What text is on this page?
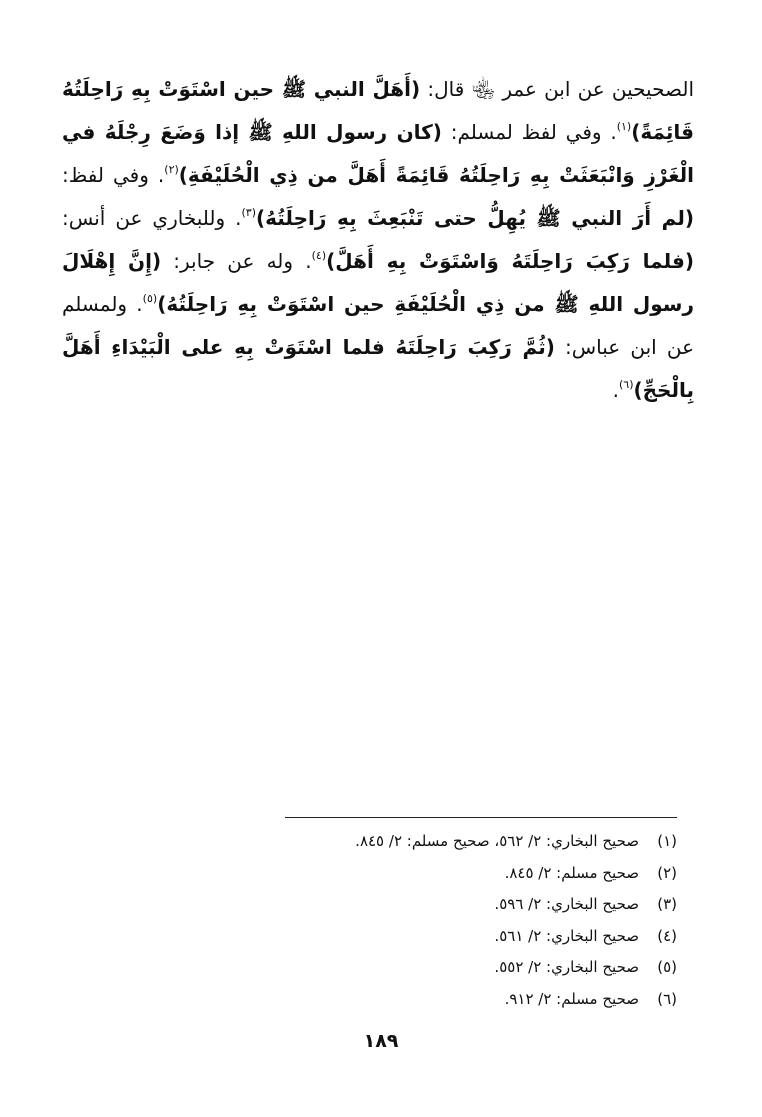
الصحيحين عن ابن عمر ﵄ قال: (أَهَلَّ النبي ﷺ حين اسْتَوَتْ بِهِ رَاحِلَتُهُ قَائِمَةً)$^{(١)}$. وفي لفظ لمسلم: (كان رسول اللهِ ﷺ إذا وَضَعَ رِجْلَهُ في الْغَرْزِ وَانْبَعَثَتْ بِهِ رَاحِلَتُهُ قَائِمَةً أَهَلَّ من ذِي الْحُلَيْفَةِ)$^{(٢)}$. وفي لفظ: (لم أَرَ النبي ﷺ يُهِلُّ حتى تَنْبَعِثَ بِهِ رَاحِلَتُهُ)$^{(٣)}$. وللبخاري عن أنس: (فلما رَكِبَ رَاحِلَتَهُ وَاسْتَوَتْ بِهِ أَهَلَّ)$^{(٤)}$. وله عن جابر: (إِنَّ إِهْلَالَ رسول اللهِ ﷺ من ذِي الْحُلَيْفَةِ حين اسْتَوَتْ بِهِ رَاحِلَتُهُ)$^{(٥)}$. ولمسلم عن ابن عباس: (ثُمَّ رَكِبَ رَاحِلَتَهُ فلما اسْتَوَتْ بِهِ على الْبَيْدَاءِ أَهَلَّ بِالْحَجِّ)$^{(٦)}$.
(١)صحيح البخاري: ٢/ ٥٦٢، صحيح مسلم: ٢/ ٨٤٥.
(٢)صحيح مسلم: ٢/ ٨٤٥.
(٣)صحيح البخاري: ٢/ ٥٩٦.
(٤)صحيح البخاري: ٢/ ٥٦١.
(٥)صحيح البخاري: ٢/ ٥٥٢.
(٦)صحيح مسلم: ٢/ ٩١٢.
١٨٩
